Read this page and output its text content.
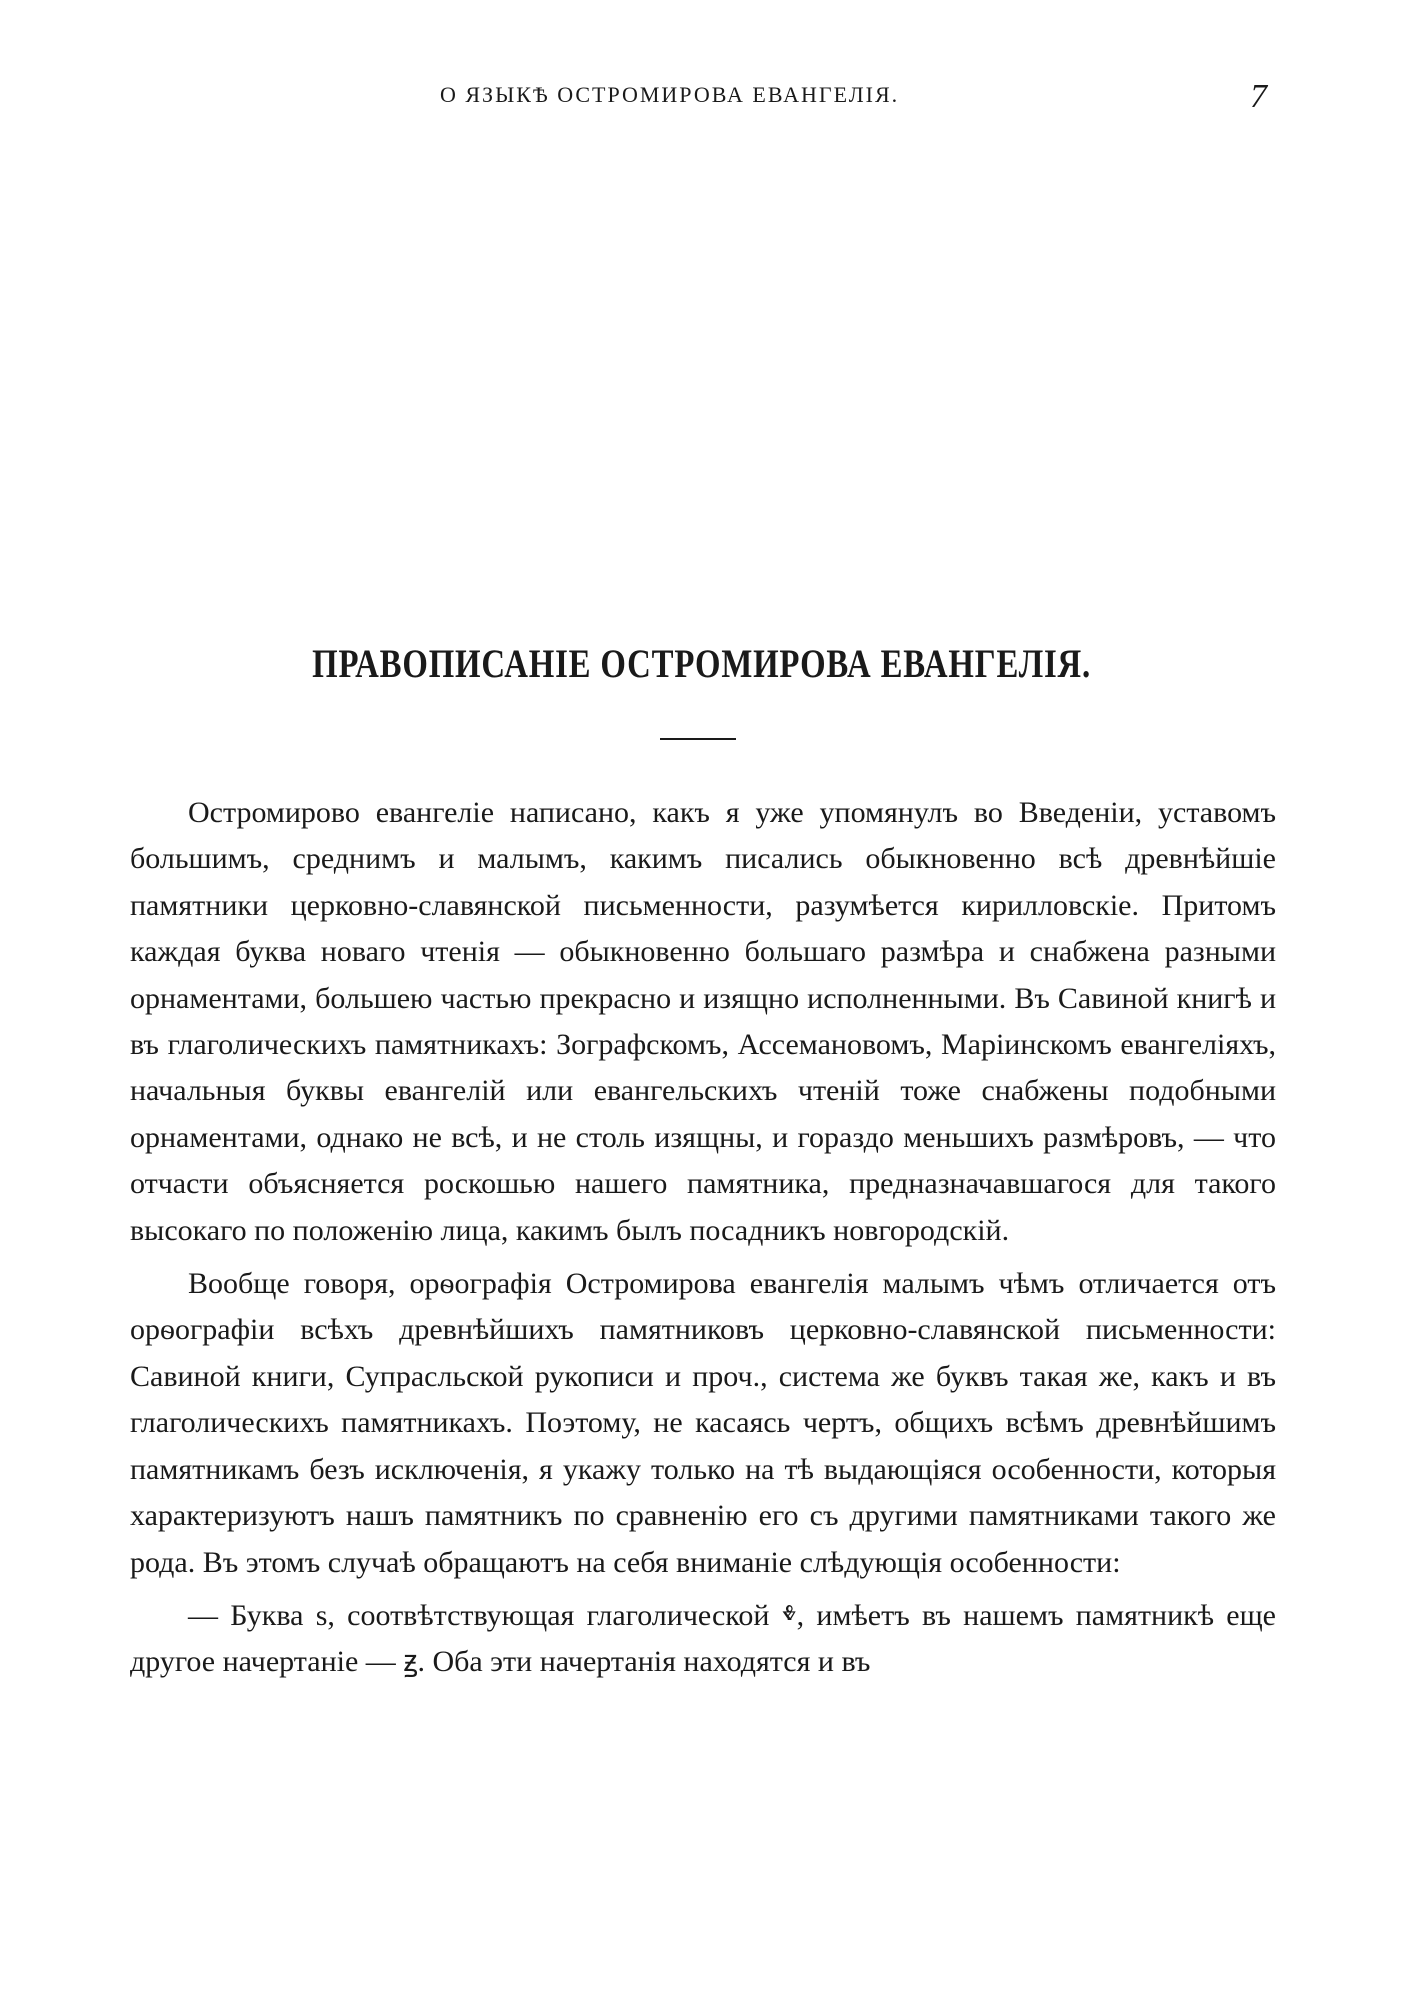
О ЯЗЫКѢ ОСТРОМИРОВА ЕВАНГЕЛІЯ.	7
ПРАВОПИСАНІЕ ОСТРОМИРОВА ЕВАНГЕЛІЯ.

Остромирово евангеліе написано, какъ я уже упомянулъ во Введеніи, уставомъ большимъ, среднимъ и малымъ, какимъ писались обыкновенно всѣ древнѣйшіе памятники церковно-славянской письменности, разумѣется кирилловскіе. Притомъ каждая буква новаго чтенія — обыкновенно большаго размѣра и снабжена разными орнаментами, большею частью прекрасно и изящно исполненными. Въ Савиной книгѣ и въ глаголическихъ памятникахъ: Зографскомъ, Ассемановомъ, Маріинскомъ евангеліяхъ, начальныя буквы евангелій или евангельскихъ чтеній тоже снабжены подобными орнаментами, однако не всѣ, и не столь изящны, и гораздо меньшихъ размѣровъ, — что отчасти объясняется роскошью нашего памятника, предназначавшагося для такого высокаго по положенію лица, какимъ былъ посадникъ новгородскій.

Вообще говоря, орѳографія Остромирова евангелія малымъ чѣмъ отличается отъ орѳографіи всѣхъ древнѣйшихъ памятниковъ церковно-славянской письменности: Савиной книги, Супрасльской рукописи и проч., система же буквъ такая же, какъ и въ глаголическихъ памятникахъ. Поэтому, не касаясь чертъ, общихъ всѣмъ древнѣйшимъ памятникамъ безъ исключенія, я укажу только на тѣ выдающіяся особенности, которыя характеризуютъ нашъ памятникъ по сравненію его съ другими памятниками такого же рода. Въ этомъ случаѣ обращаютъ на себя вниманіе слѣдующія особенности:

— Буква ѕ, соотвѣтствующая глаголической ⰷ, имѣетъ въ нашемъ памятникѣ еще другое начертаніе — ꙃ. Оба эти начертанія находятся и въ
